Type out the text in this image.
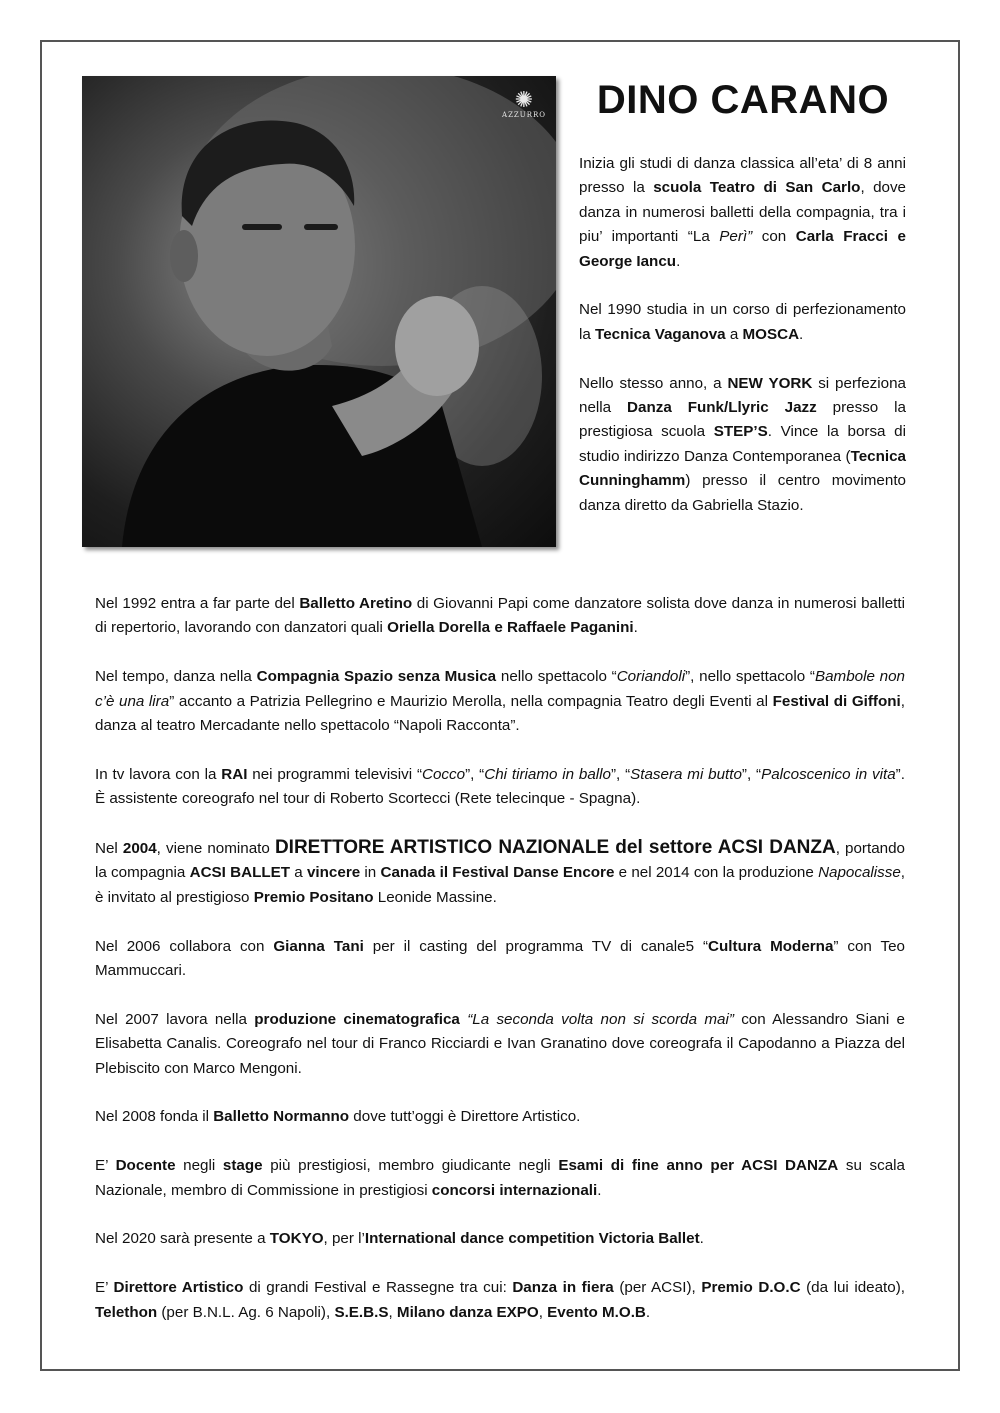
✺
AZZURRO	DINO CARANO

Inizia gli studi di danza classica all’eta’ di 8 anni presso la scuola Teatro di San Carlo, dove danza in numerosi balletti della compagnia, tra i piu’ importanti “La Perì” con Carla Fracci e George Iancu.

Nel 1990 studia in un corso di perfezionamento la Tecnica Vaganova a MOSCA.

Nello stesso anno, a NEW YORK si perfeziona nella Danza Funk/Llyric Jazz presso la prestigiosa scuola STEP’S. Vince la borsa di studio indirizzo Danza Contemporanea (Tecnica Cunninghamm) presso il centro movimento danza diretto da Gabriella Stazio.

Nel 1992 entra a far parte del Balletto Aretino di Giovanni Papi come danzatore solista dove danza in numerosi balletti di repertorio, lavorando con danzatori quali Oriella Dorella e Raffaele Paganini.

Nel tempo, danza nella Compagnia Spazio senza Musica nello spettacolo “Coriandoli”, nello spettacolo “Bambole non c’è una lira” accanto a Patrizia Pellegrino e Maurizio Merolla, nella compagnia Teatro degli Eventi al Festival di Giffoni, danza al teatro Mercadante nello spettacolo “Napoli Racconta”.

In tv lavora con la RAI nei programmi televisivi “Cocco”, “Chi tiriamo in ballo”, “Stasera mi butto”, “Palcoscenico in vita”. È assistente coreografo nel tour di Roberto Scortecci (Rete telecinque - Spagna).

Nel 2004, viene nominato DIRETTORE ARTISTICO NAZIONALE del settore ACSI DANZA, portando la compagnia ACSI BALLET a vincere in Canada il Festival Danse Encore e nel 2014 con la produzione Napocalisse, è invitato al prestigioso Premio Positano Leonide Massine.

Nel 2006 collabora con Gianna Tani per il casting del programma TV di canale5 “Cultura Moderna” con Teo Mammuccari.

Nel 2007 lavora nella produzione cinematografica “La seconda volta non si scorda mai” con Alessandro Siani e Elisabetta Canalis. Coreografo nel tour di Franco Ricciardi e Ivan Granatino dove coreografa il Capodanno a Piazza del Plebiscito con Marco Mengoni.

Nel 2008 fonda il Balletto Normanno dove tutt’oggi è Direttore Artistico.

E’ Docente negli stage più prestigiosi, membro giudicante negli Esami di fine anno per ACSI DANZA su scala Nazionale, membro di Commissione in prestigiosi concorsi internazionali.

Nel 2020 sarà presente a TOKYO, per l’International dance competition Victoria Ballet.

E’ Direttore Artistico di grandi Festival e Rassegne tra cui: Danza in fiera (per ACSI), Premio D.O.C (da lui ideato), Telethon (per B.N.L. Ag. 6 Napoli), S.E.B.S, Milano danza EXPO, Evento M.O.B.
